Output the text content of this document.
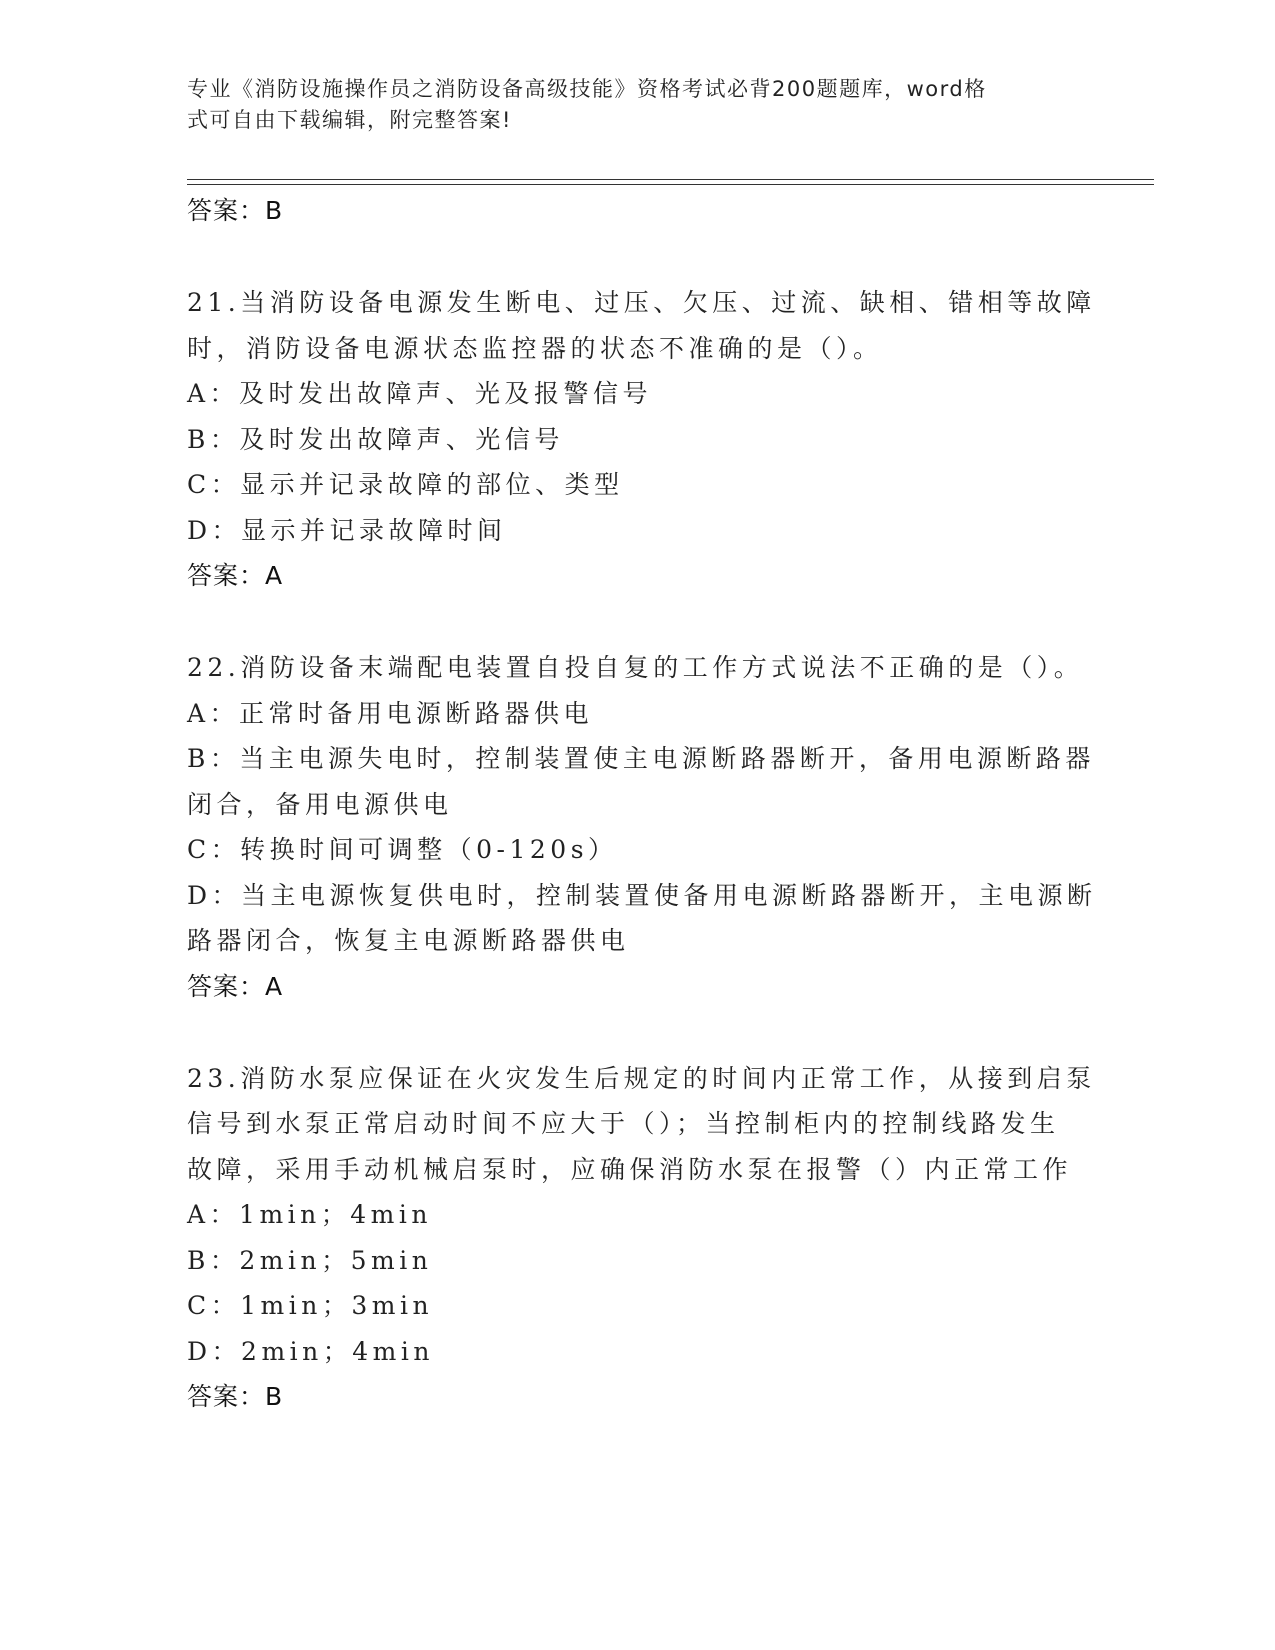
专业《消防设施操作员之消防设备高级技能》资格考试必背200题题库，word格
式可自由下载编辑，附完整答案!
答案：B
21.当消防设备电源发生断电、过压、欠压、过流、缺相、错相等故障
时，消防设备电源状态监控器的状态不准确的是（）。
A：及时发出故障声、光及报警信号
B：及时发出故障声、光信号
C：显示并记录故障的部位、类型
D：显示并记录故障时间
答案：A
22.消防设备末端配电装置自投自复的工作方式说法不正确的是（）。
A：正常时备用电源断路器供电
B：当主电源失电时，控制装置使主电源断路器断开，备用电源断路器
闭合，备用电源供电
C：转换时间可调整（0-120s）
D：当主电源恢复供电时，控制装置使备用电源断路器断开，主电源断
路器闭合，恢复主电源断路器供电
答案：A
23.消防水泵应保证在火灾发生后规定的时间内正常工作，从接到启泵
信号到水泵正常启动时间不应大于（）；当控制柜内的控制线路发生
故障，采用手动机械启泵时，应确保消防水泵在报警（）内正常工作
A：1min；4min
B：2min；5min
C：1min；3min
D：2min；4min
答案：B
